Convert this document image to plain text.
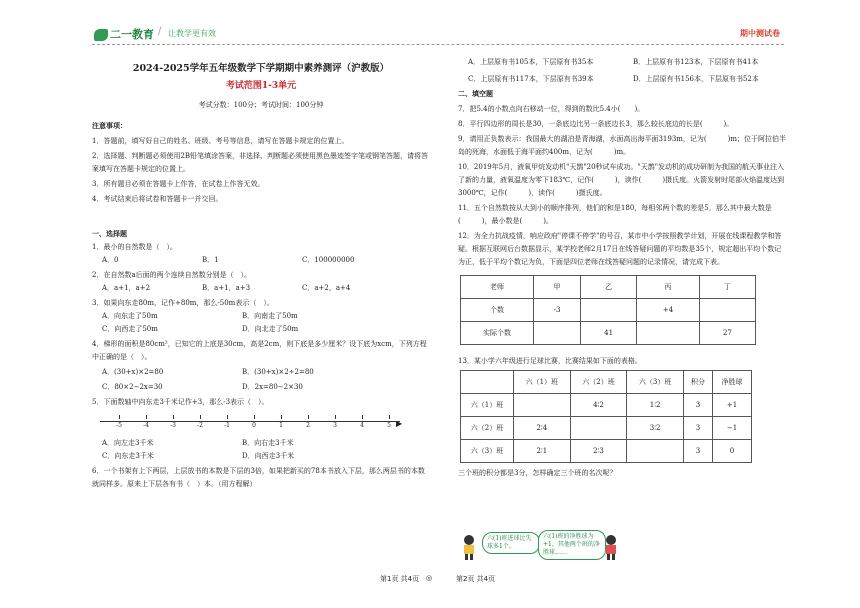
二一教育 / 让教学更有效	期中测试卷
2024-2025学年五年级数学下学期期中素养测评（沪教版）
考试范围1-3单元
考试分数：100分；考试时间：100分钟

注意事项：

1．答题前，填写好自己的姓名、班级、考号等信息，请写在答题卡规定的位置上。

2．选择题、判断题必须使用2B铅笔填涂答案，非选择、判断题必须使用黑色墨迹签字笔或钢笔答题，请将答案填写在答题卡规定的位置上。

3．所有题目必须在答题卡上作答，在试卷上作答无效。

4．考试结束后将试卷和答题卡一并交回。

一、选择题

1．最小的自然数是（　）。

A．0	B．1	C．100000000

2．在自然数a后面的两个连续自然数分别是（　）。

A．a+1，a+2	B．a+1，a+3	C．a+2，a+4

3．如果向东走80m，记作+80m，那么-50m表示（　）。

A．向东走了50m	B．向南走了50m
C．向西走了50m	D．向北走了50m

4．梯形的面积是80cm²，已知它的上底是30cm，高是2cm，则下底是多少厘米？设下底为xcm，下列方程中正确的是（　）。

A．(30+x)×2=80	B．(30+x)×2÷2=80
C．80×2−2x=30	D．2x=80−2×30

5．下面数轴中向东走3千米记作+3，那么-3表示（　）。

▶
-5	-4	-3	-2	-1	0	1	2	3	4	5
A．向左走3千米	B．向右走3千米
C．向东走3千米	D．向西走3千米

6．一个书架有上下两层，上层放书的本数是下层的3倍，如果把新买的78本书放入下层，那么两层书的本数就同样多。原来上下层各有书（　）本。（用方程解）

A．上层原有书105本，下层原有书35本	B．上层原有书123本，下层原有书41本
C．上层原有书117本，下层原有书39本	D．上层原有书156本，下层原有书52本

二、填空题

7．把5.4的小数点向右移动一位，得到的数比5.4小(　　)。

8．平行四边形的周长是30，一条底边比另一条底边长3，那么较长底边的长是(　　　)。

9．请用正负数表示：我国最大的湖泊是青海湖，水面高出海平面3193m，记为(　　　)m；位于阿拉伯半岛的死海，水面低于海平面约400m，记为(　　　)m。

10．2019年5月，液氧甲烷发动机"天鹊"20秒试车成功。"天鹊"发动机的成功研制为我国的航天事业注入了新的力量，液氧温度为零下183℃，记作(　　　)，读作(　　　)摄氏度。火箭发射时尾部火焰温度达到3000℃，记作(　　　)，读作(　　　)摄氏度。

11．五个自然数按从大到小的顺序排列，他们的和是180，每相邻两个数的差是5，那么其中最大数是(　　　)，最小数是(　　　)。

12．为全力抗战疫情，响应政府"停课不停学"的号召，某市中小学按照教学计划，开展在线课程教学和答疑。根据互联网后台数据显示，某学校老师2月17日在线答疑问题的平均数是35个，规定超出平均个数记为正，低于平均个数记为负，下面是四位老师在线答疑问题的记录情况，请完成下表。

老师	甲	乙	丙	丁
个数	-3		+4	
实际个数		41		27

13．某小学六年级进行足球比赛，比赛结果如下面的表格。

	六（1）班	六（2）班	六（3）班	积分	净胜球
六（1）班		4∶2	1∶2	3	+1
六（2）班	2∶4		3∶2	3	−1
六（3）班	2∶1	2∶3		3	0

三个班的积分都是3分，怎样确定三个班的名次呢？

六(1)班进球比失球多1个。
六(1)班的净胜球为+1，其他两个班的净胜球……
第1页 共4页 ◎	第2页 共4页
